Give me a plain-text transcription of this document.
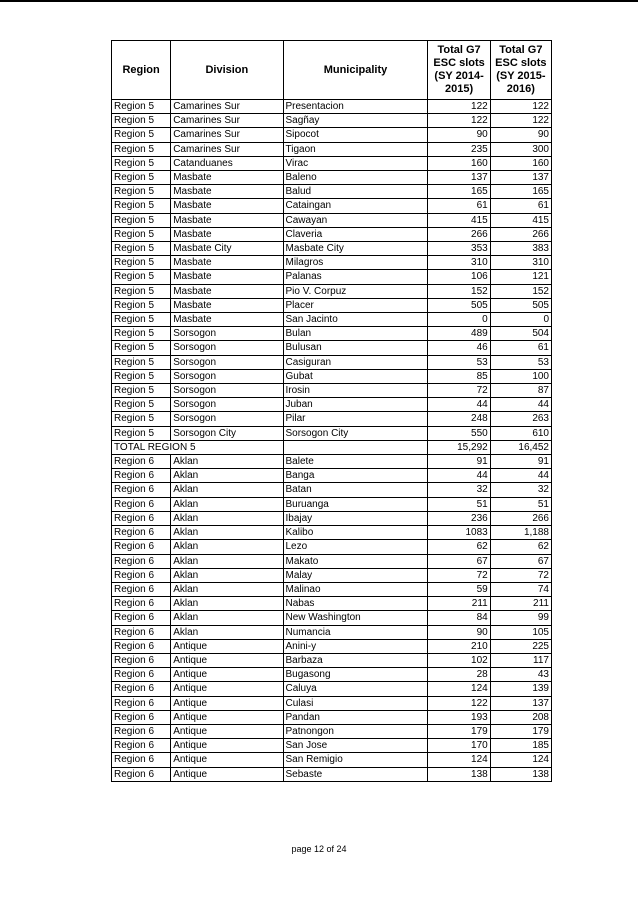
Region	Division	Municipality	Total G7 ESC slots (SY 2014-2015)	Total G7 ESC slots (SY 2015-2016)
Region 5	Camarines Sur	Presentacion	122	122
Region 5	Camarines Sur	Sagñay	122	122
Region 5	Camarines Sur	Sipocot	90	90
Region 5	Camarines Sur	Tigaon	235	300
Region 5	Catanduanes	Virac	160	160
Region 5	Masbate	Baleno	137	137
Region 5	Masbate	Balud	165	165
Region 5	Masbate	Cataingan	61	61
Region 5	Masbate	Cawayan	415	415
Region 5	Masbate	Claveria	266	266
Region 5	Masbate City	Masbate City	353	383
Region 5	Masbate	Milagros	310	310
Region 5	Masbate	Palanas	106	121
Region 5	Masbate	Pio V. Corpuz	152	152
Region 5	Masbate	Placer	505	505
Region 5	Masbate	San Jacinto	0	0
Region 5	Sorsogon	Bulan	489	504
Region 5	Sorsogon	Bulusan	46	61
Region 5	Sorsogon	Casiguran	53	53
Region 5	Sorsogon	Gubat	85	100
Region 5	Sorsogon	Irosin	72	87
Region 5	Sorsogon	Juban	44	44
Region 5	Sorsogon	Pilar	248	263
Region 5	Sorsogon City	Sorsogon City	550	610
TOTAL REGION 5			15,292	16,452
Region 6	Aklan	Balete	91	91
Region 6	Aklan	Banga	44	44
Region 6	Aklan	Batan	32	32
Region 6	Aklan	Buruanga	51	51
Region 6	Aklan	Ibajay	236	266
Region 6	Aklan	Kalibo	1083	1,188
Region 6	Aklan	Lezo	62	62
Region 6	Aklan	Makato	67	67
Region 6	Aklan	Malay	72	72
Region 6	Aklan	Malinao	59	74
Region 6	Aklan	Nabas	211	211
Region 6	Aklan	New Washington	84	99
Region 6	Aklan	Numancia	90	105
Region 6	Antique	Anini-y	210	225
Region 6	Antique	Barbaza	102	117
Region 6	Antique	Bugasong	28	43
Region 6	Antique	Caluya	124	139
Region 6	Antique	Culasi	122	137
Region 6	Antique	Pandan	193	208
Region 6	Antique	Patnongon	179	179
Region 6	Antique	San Jose	170	185
Region 6	Antique	San Remigio	124	124
Region 6	Antique	Sebaste	138	138
page 12 of 24
